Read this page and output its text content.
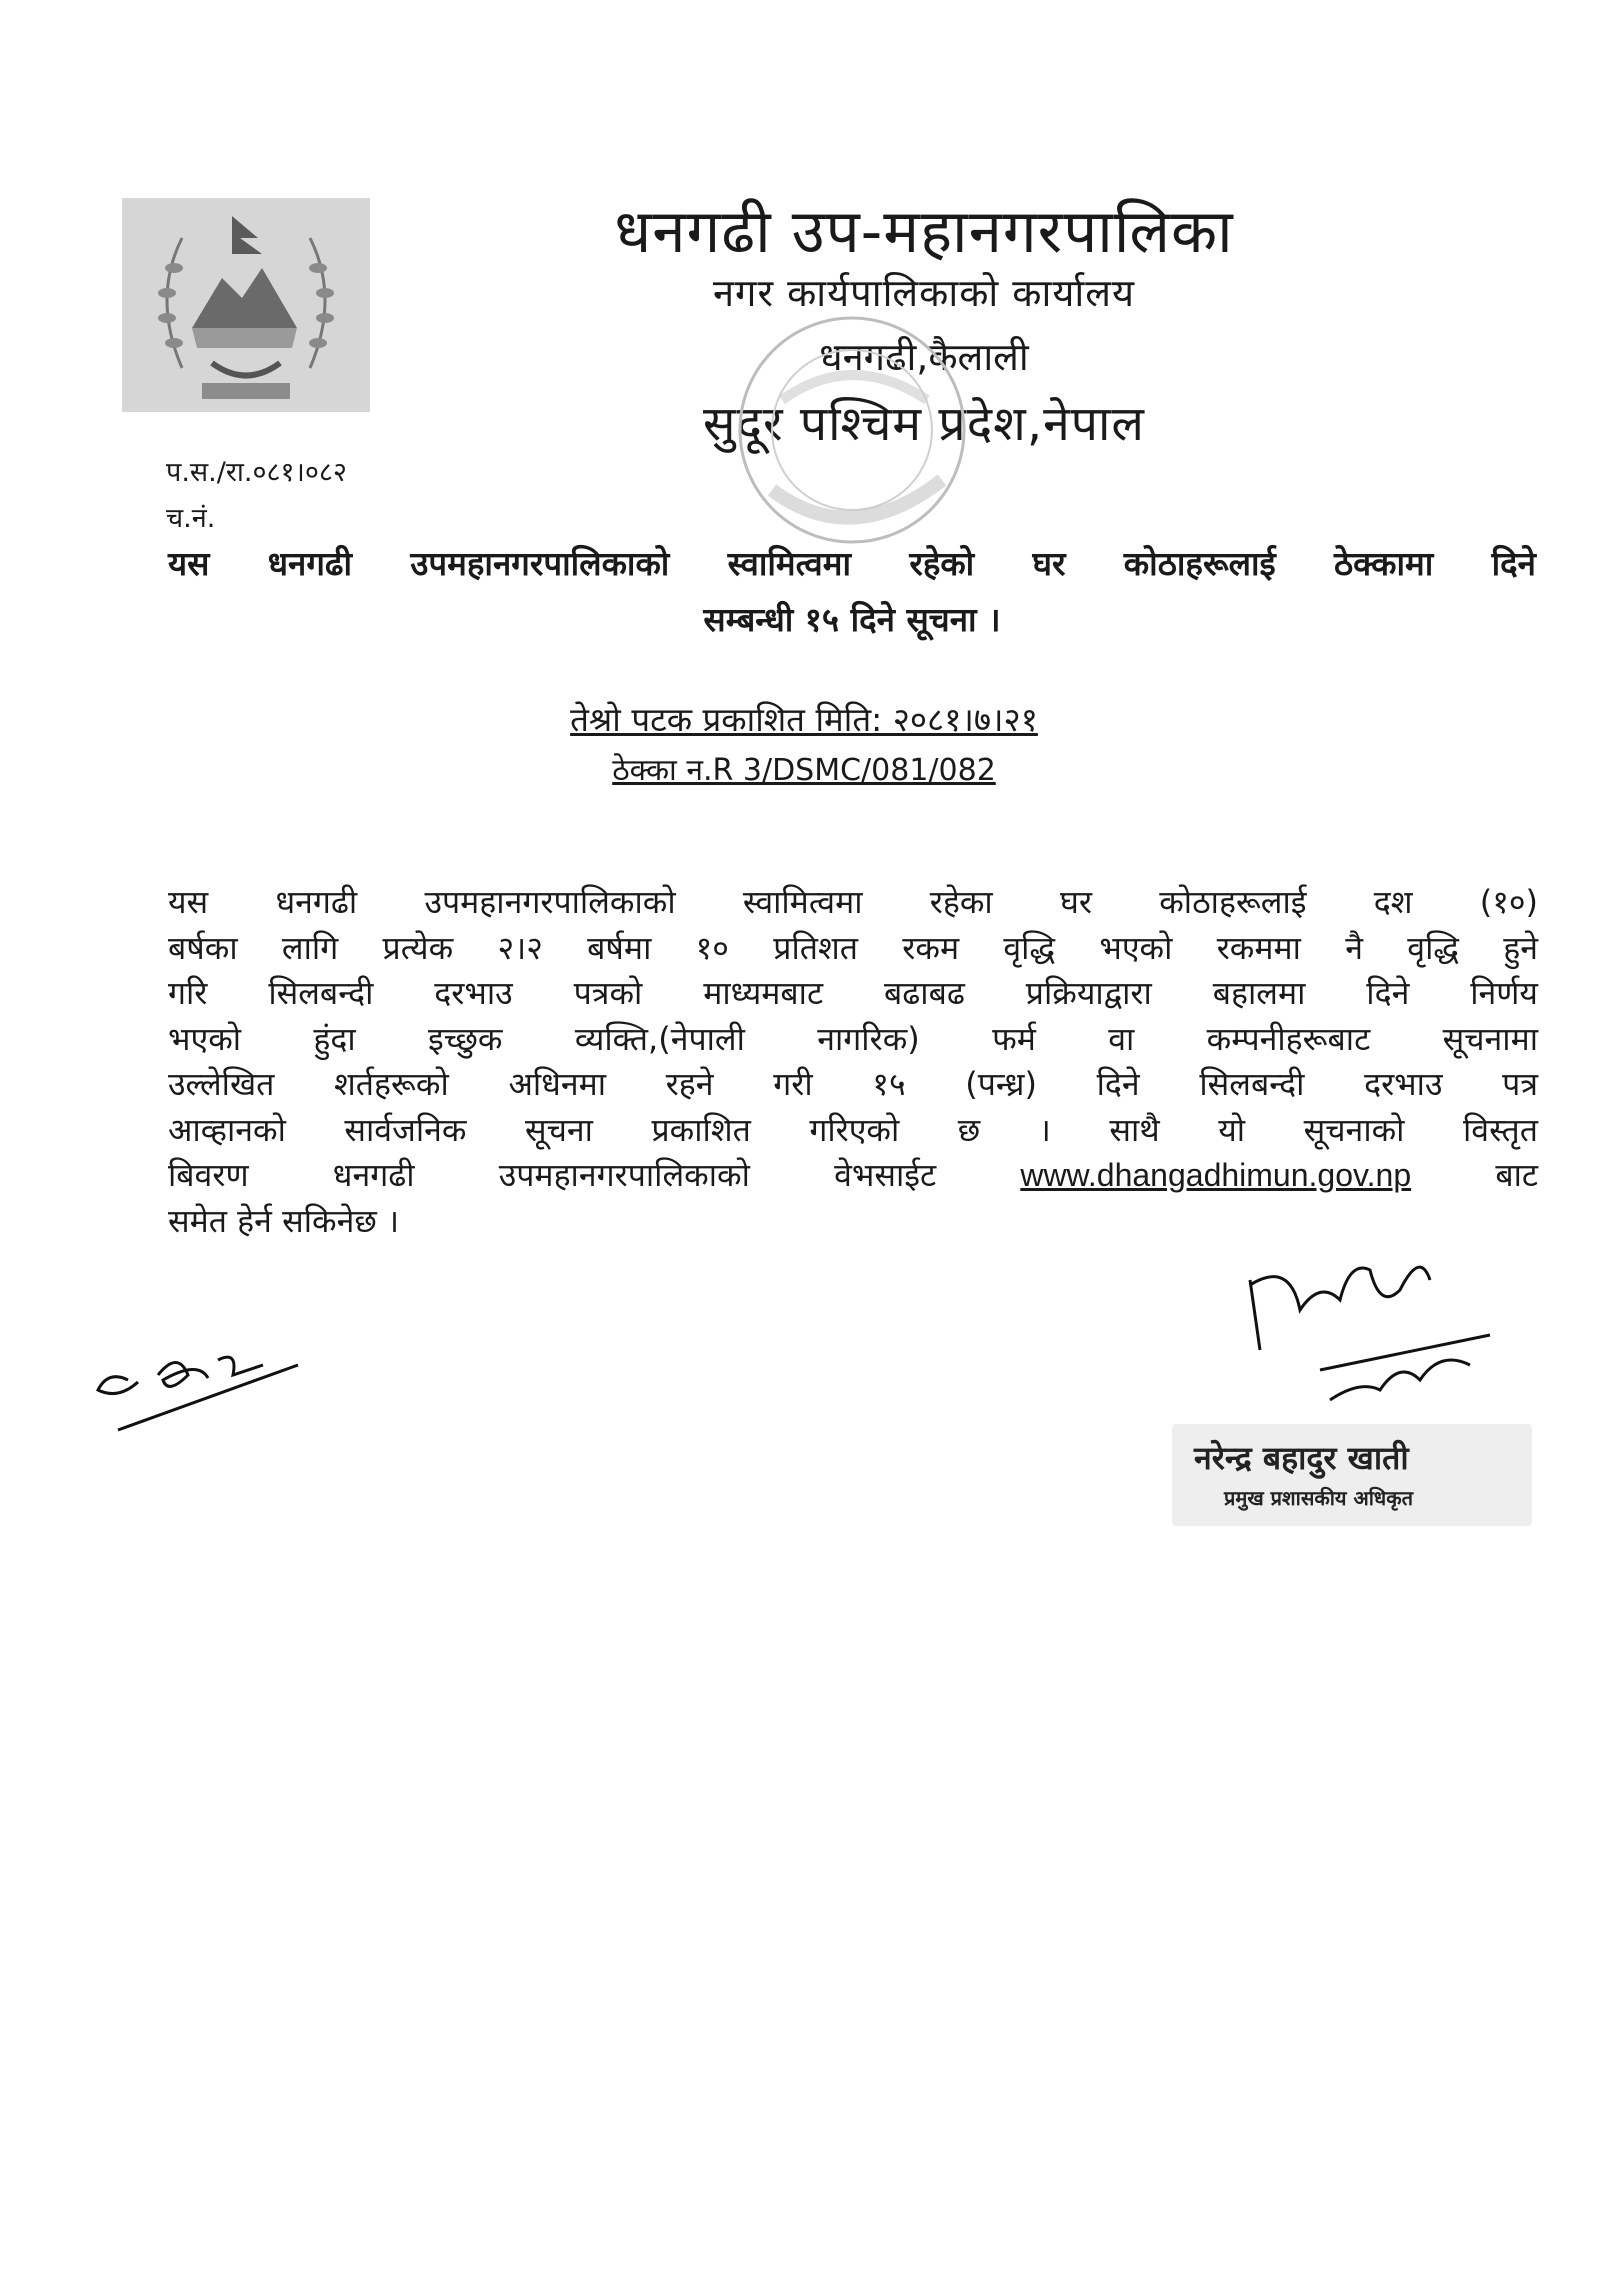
धनगढी उप-महानगरपालिका
नगर कार्यपालिकाको कार्यालय
धनगढी,कैलाली
सुदूर पश्चिम प्रदेश,नेपाल
प.स./रा.०८१।०८२
च.नं.
यस धनगढी उपमहानगरपालिकाको स्वामित्वमा रहेको घर कोठाहरूलाई ठेक्कामा दिने
सम्बन्धी १५ दिने सूचना ।
तेश्रो पटक प्रकाशित मिति: २०८१।७।२१
ठेक्का न.R 3/DSMC/081/082
यस धनगढी उपमहानगरपालिकाको स्वामित्वमा रहेका घर कोठाहरूलाई दश (१०)
बर्षका लागि प्रत्येक २।२ बर्षमा १० प्रतिशत रकम वृद्धि भएको रकममा नै वृद्धि हुने
गरि सिलबन्दी दरभाउ पत्रको माध्यमबाट बढाबढ प्रक्रियाद्वारा बहालमा दिने निर्णय
भएको हुंदा इच्छुक व्यक्ति,(नेपाली नागरिक) फर्म वा कम्पनीहरूबाट सूचनामा
उल्लेखित शर्तहरूको अधिनमा रहने गरी १५ (पन्ध्र) दिने सिलबन्दी दरभाउ पत्र
आव्हानको सार्वजनिक सूचना प्रकाशित गरिएको छ । साथै यो सूचनाको विस्तृत
बिवरण धनगढी उपमहानगरपालिकाको वेभसाईट	www.dhangadhimun.gov.np	बाट
समेत हेर्न सकिनेछ ।
नरेन्द्र बहादुर खाती
प्रमुख प्रशासकीय अधिकृत
